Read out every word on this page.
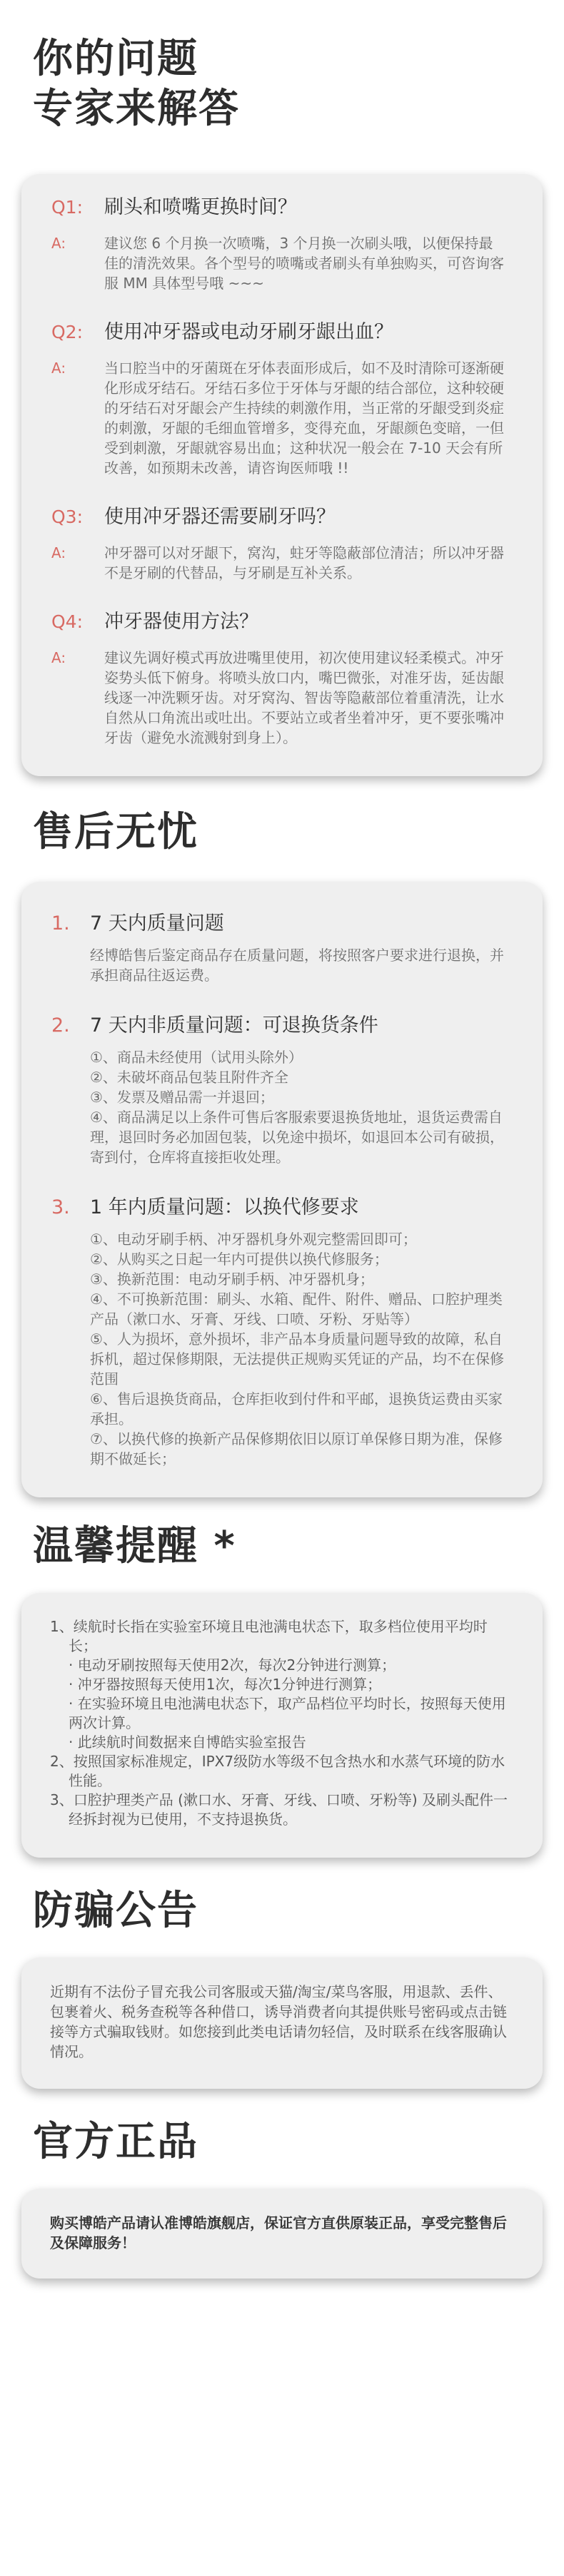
你的问题
专家来解答
Q1:	刷头和喷嘴更换时间？
A:	建议您 6 个月换一次喷嘴，3 个月换一次刷头哦，以便保持最佳的清洗效果。各个型号的喷嘴或者刷头有单独购买，可咨询客服 MM 具体型号哦 ~~~
Q2:	使用冲牙器或电动牙刷牙龈出血？
A:	当口腔当中的牙菌斑在牙体表面形成后，如不及时清除可逐渐硬化形成牙结石。牙结石多位于牙体与牙龈的结合部位，这种较硬的牙结石对牙龈会产生持续的刺激作用，当正常的牙龈受到炎症的刺激，牙龈的毛细血管增多，变得充血，牙龈颜色变暗，一但受到刺激，牙龈就容易出血；这种状况一般会在 7-10 天会有所改善，如预期未改善，请咨询医师哦 !!
Q3:	使用冲牙器还需要刷牙吗？
A:	冲牙器可以对牙龈下，窝沟，蛀牙等隐蔽部位清洁；所以冲牙器不是牙刷的代替品，与牙刷是互补关系。
Q4:	冲牙器使用方法？
A:	建议先调好模式再放进嘴里使用，初次使用建议轻柔模式。冲牙姿势头低下俯身。将喷头放口内，嘴巴微张，对准牙齿，延齿龈线逐一冲洗颗牙齿。对牙窝沟、智齿等隐蔽部位着重清洗，让水自然从口角流出或吐出。不要站立或者坐着冲牙，更不要张嘴冲牙齿（避免水流溅射到身上）。
售后无忧
1.	7 天内质量问题
经博皓售后鉴定商品存在质量问题，将按照客户要求进行退换，并承担商品往返运费。
2.	7 天内非质量问题：可退换货条件
①、商品未经使用（试用头除外）
②、未破坏商品包装且附件齐全
③、发票及赠品需一并退回；
④、商品满足以上条件可售后客服索要退换货地址，退货运费需自理，退回时务必加固包装，以免途中损坏，如退回本公司有破损，寄到付，仓库将直接拒收处理。
3.	1 年内质量问题：以换代修要求
①、电动牙刷手柄、冲牙器机身外观完整需回即可；
②、从购买之日起一年内可提供以换代修服务；
③、换新范围：电动牙刷手柄、冲牙器机身；
④、不可换新范围：刷头、水箱、配件、附件、赠品、口腔护理类产品（漱口水、牙膏、牙线、口喷、牙粉、牙贴等）
⑤、人为损坏，意外损坏，非产品本身质量问题导致的故障，私自拆机，超过保修期限，无法提供正规购买凭证的产品，均不在保修范围
⑥、售后退换货商品，仓库拒收到付件和平邮，退换货运费由买家承担。
⑦、以换代修的换新产品保修期依旧以原订单保修日期为准，保修期不做延长；
温馨提醒 *
1、续航时长指在实验室环境且电池满电状态下，取多档位使用平均时长；
· 电动牙刷按照每天使用2次，每次2分钟进行测算；
· 冲牙器按照每天使用1次，每次1分钟进行测算；
· 在实验环境且电池满电状态下，取产品档位平均时长，按照每天使用两次计算。
· 此续航时间数据来自博皓实验室报告
2、按照国家标准规定，IPX7级防水等级不包含热水和水蒸气环境的防水性能。
3、口腔护理类产品 (漱口水、牙膏、牙线、口喷、牙粉等) 及刷头配件一经拆封视为已使用，不支持退换货。
防骗公告
近期有不法份子冒充我公司客服或天猫/淘宝/菜鸟客服，用退款、丢件、包裹着火、税务查税等各种借口，诱导消费者向其提供账号密码或点击链接等方式骗取钱财。如您接到此类电话请勿轻信，及时联系在线客服确认情况。
官方正品
购买博皓产品请认准博皓旗舰店，保证官方直供原装正品，享受完整售后及保障服务！
